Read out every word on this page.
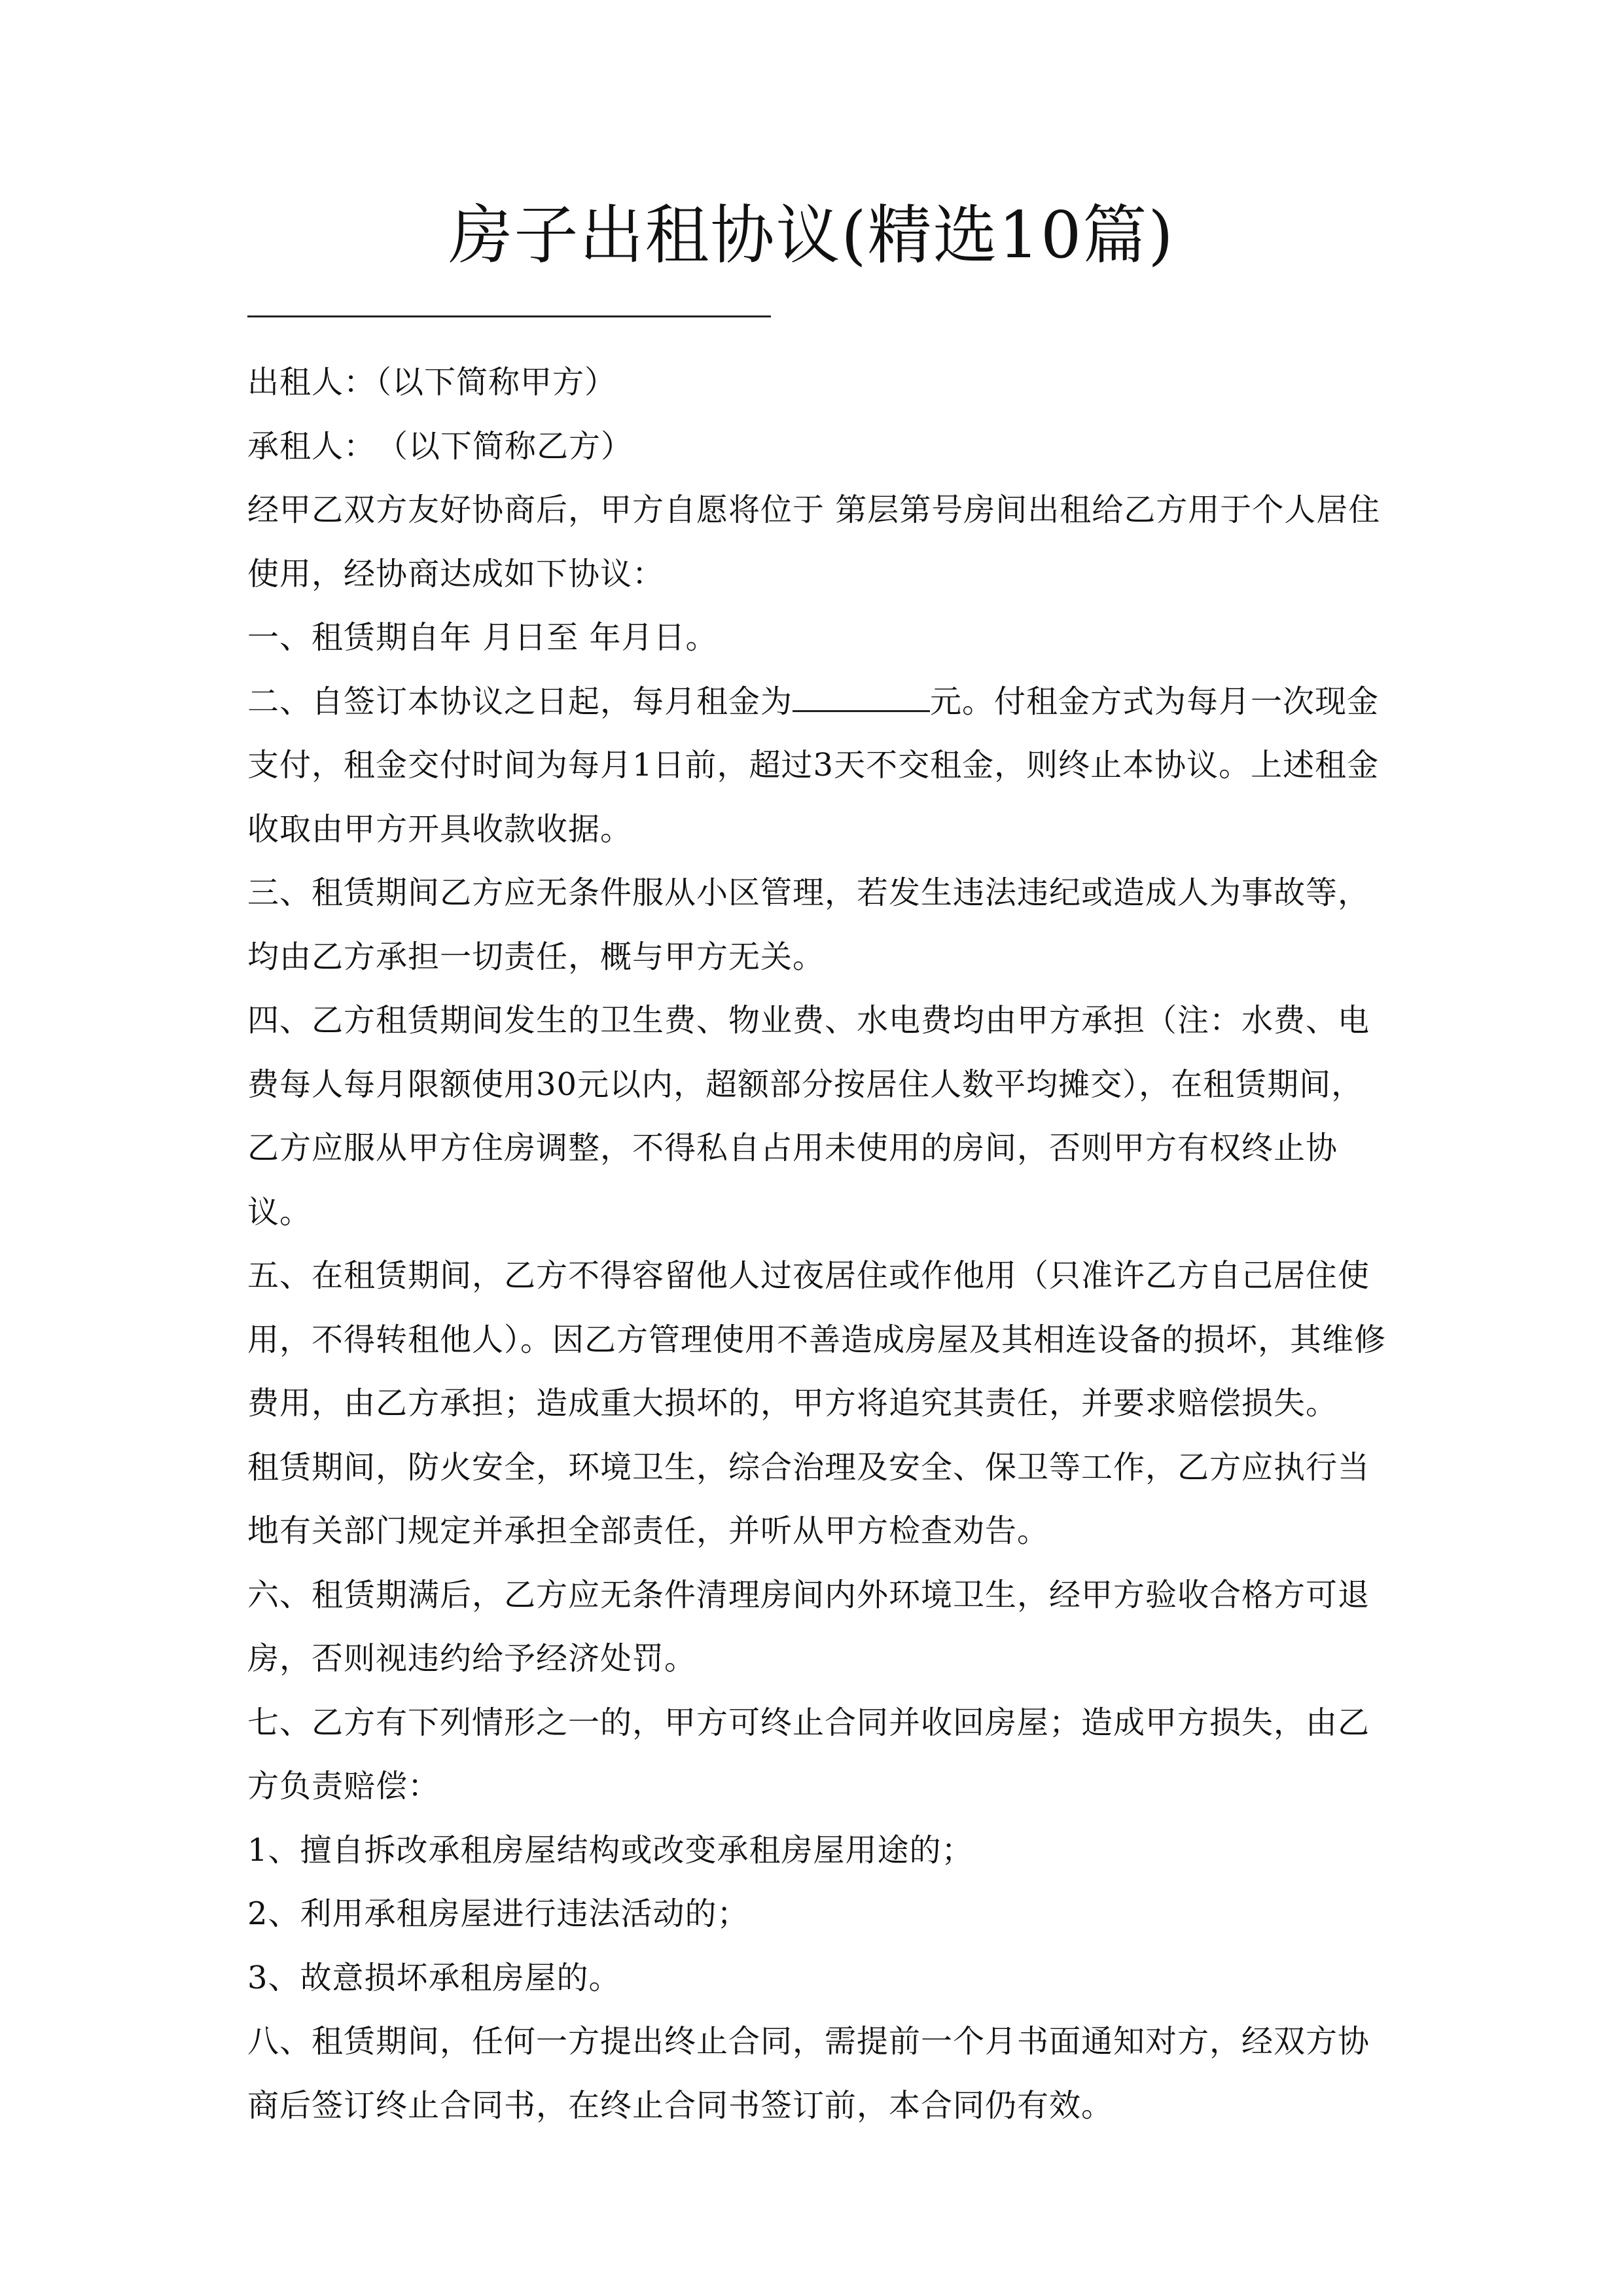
房子出租协议(精选10篇)

出租人：（以下简称甲方）

承租人：　（以下简称乙方）

经甲乙双方友好协商后，甲方自愿将位于 第层第号房间出租给乙方用于个人居住使用，经协商达成如下协议：

一、租赁期自年 月日至 年月日。

二、自签订本协议之日起，每月租金为	元。付租金方式为每月一次现金支付，租金交付时间为每月1日前，超过3天不交租金，则终止本协议。上述租金收取由甲方开具收款收据。

三、租赁期间乙方应无条件服从小区管理，若发生违法违纪或造成人为事故等，均由乙方承担一切责任，概与甲方无关。

四、乙方租赁期间发生的卫生费、物业费、水电费均由甲方承担（注：水费、电费每人每月限额使用30元以内，超额部分按居住人数平均摊交），在租赁期间，乙方应服从甲方住房调整，不得私自占用未使用的房间，否则甲方有权终止协议。

五、在租赁期间，乙方不得容留他人过夜居住或作他用（只准许乙方自己居住使用，不得转租他人）。因乙方管理使用不善造成房屋及其相连设备的损坏，其维修费用，由乙方承担；造成重大损坏的，甲方将追究其责任，并要求赔偿损失。

租赁期间，防火安全，环境卫生，综合治理及安全、保卫等工作，乙方应执行当地有关部门规定并承担全部责任，并听从甲方检查劝告。

六、租赁期满后，乙方应无条件清理房间内外环境卫生，经甲方验收合格方可退房，否则视违约给予经济处罚。

七、乙方有下列情形之一的，甲方可终止合同并收回房屋；造成甲方损失，由乙方负责赔偿：

1、擅自拆改承租房屋结构或改变承租房屋用途的；

2、利用承租房屋进行违法活动的；

3、故意损坏承租房屋的。

八、租赁期间，任何一方提出终止合同，需提前一个月书面通知对方，经双方协商后签订终止合同书，在终止合同书签订前，本合同仍有效。
